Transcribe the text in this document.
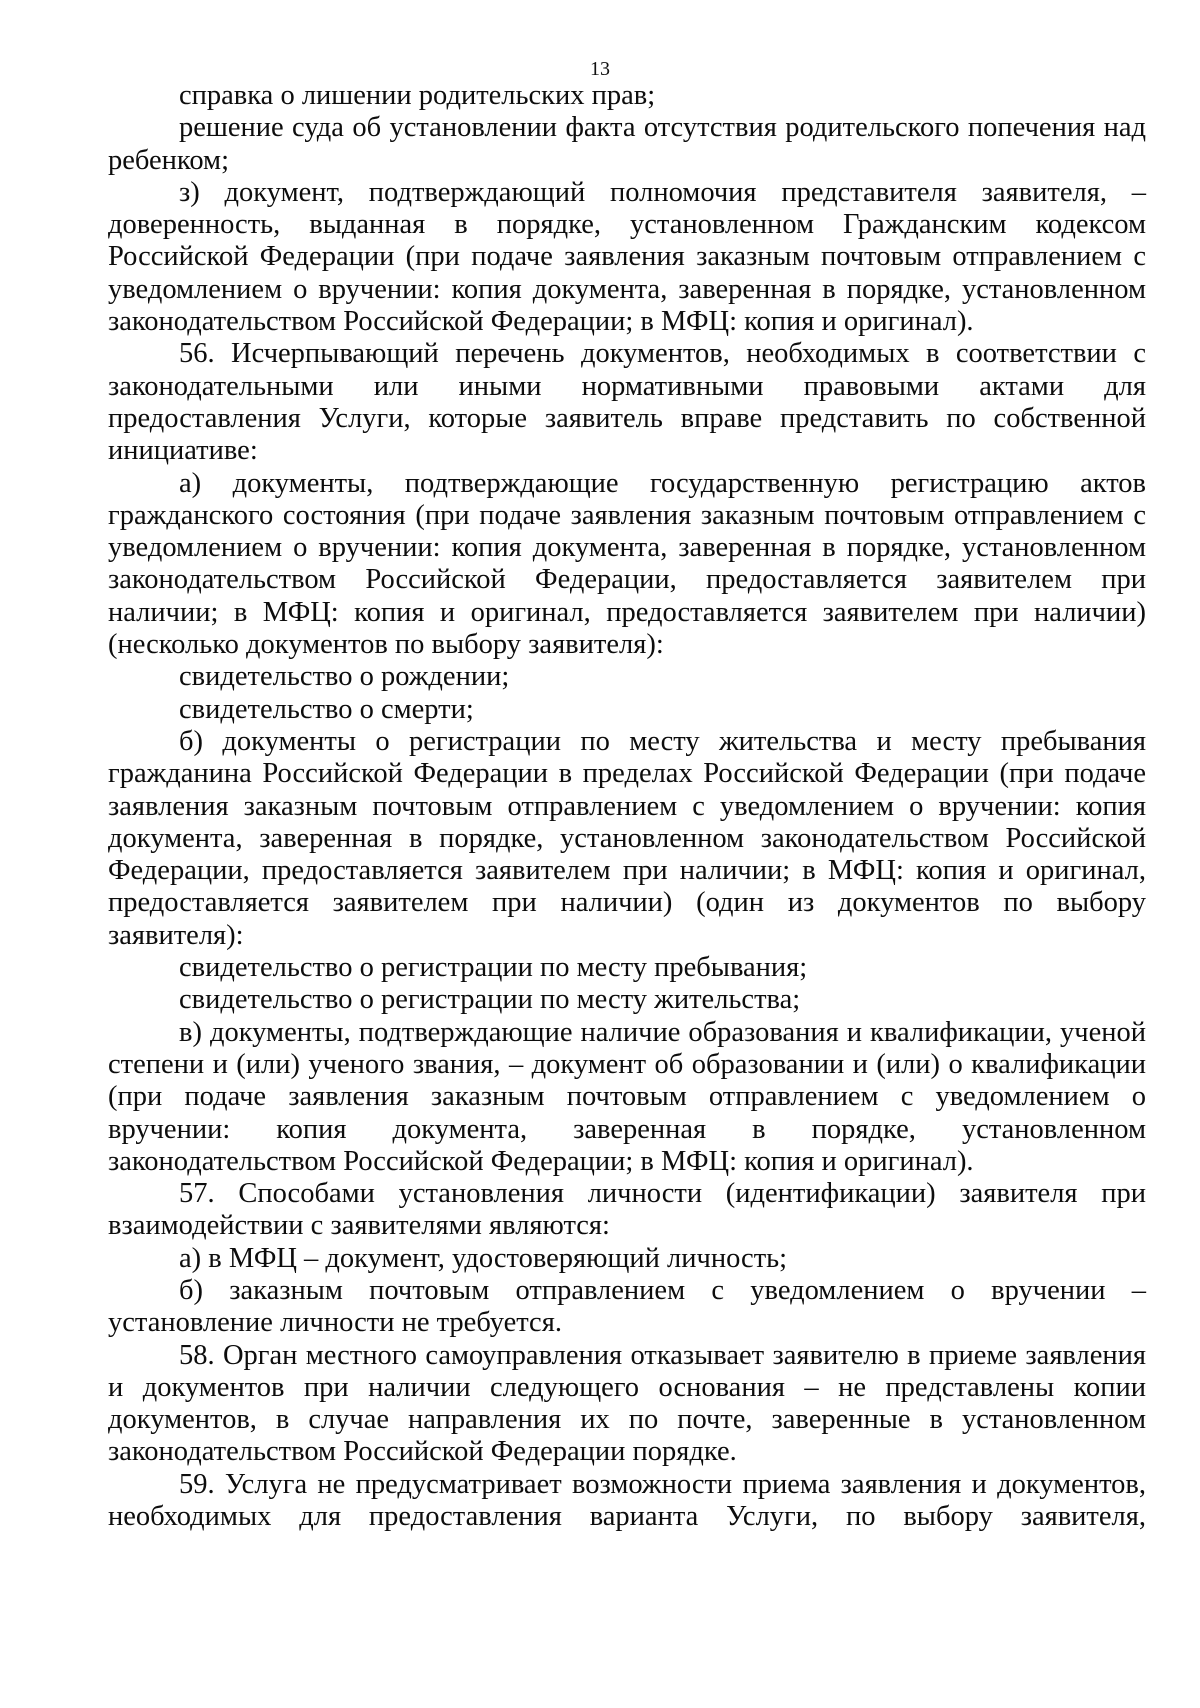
13

справка о лишении родительских прав;

решение суда об установлении факта отсутствия родительского попечения над ребенком;

з) документ, подтверждающий полномочия представителя заявителя, – доверенность, выданная в порядке, установленном Гражданским кодексом Российской Федерации (при подаче заявления заказным почтовым отправлением с уведомлением о вручении: копия документа, заверенная в порядке, установленном законодательством Российской Федерации; в МФЦ: копия и оригинал).

56. Исчерпывающий перечень документов, необходимых в соответствии с законодательными или иными нормативными правовыми актами для предоставления Услуги, которые заявитель вправе представить по собственной инициативе:

а) документы, подтверждающие государственную регистрацию актов гражданского состояния (при подаче заявления заказным почтовым отправлением с уведомлением о вручении: копия документа, заверенная в порядке, установленном законодательством Российской Федерации, предоставляется заявителем при наличии; в МФЦ: копия и оригинал, предоставляется заявителем при наличии) (несколько документов по выбору заявителя):

свидетельство о рождении;

свидетельство о смерти;

б) документы о регистрации по месту жительства и месту пребывания гражданина Российской Федерации в пределах Российской Федерации (при подаче заявления заказным почтовым отправлением с уведомлением о вручении: копия документа, заверенная в порядке, установленном законодательством Российской Федерации, предоставляется заявителем при наличии; в МФЦ: копия и оригинал, предоставляется заявителем при наличии) (один из документов по выбору заявителя):

свидетельство о регистрации по месту пребывания;

свидетельство о регистрации по месту жительства;

в) документы, подтверждающие наличие образования и квалификации, ученой степени и (или) ученого звания, – документ об образовании и (или) о квалификации (при подаче заявления заказным почтовым отправлением с уведомлением о вручении: копия документа, заверенная в порядке, установленном законодательством Российской Федерации; в МФЦ: копия и оригинал).

57. Способами установления личности (идентификации) заявителя при взаимодействии с заявителями являются:

а) в МФЦ – документ, удостоверяющий личность;

б) заказным почтовым отправлением с уведомлением о вручении – установление личности не требуется.

58. Орган местного самоуправления отказывает заявителю в приеме заявления и документов при наличии следующего основания – не представлены копии документов, в случае направления их по почте, заверенные в установленном законодательством Российской Федерации порядке.

59. Услуга не предусматривает возможности приема заявления и документов, необходимых для предоставления варианта Услуги, по выбору заявителя,
